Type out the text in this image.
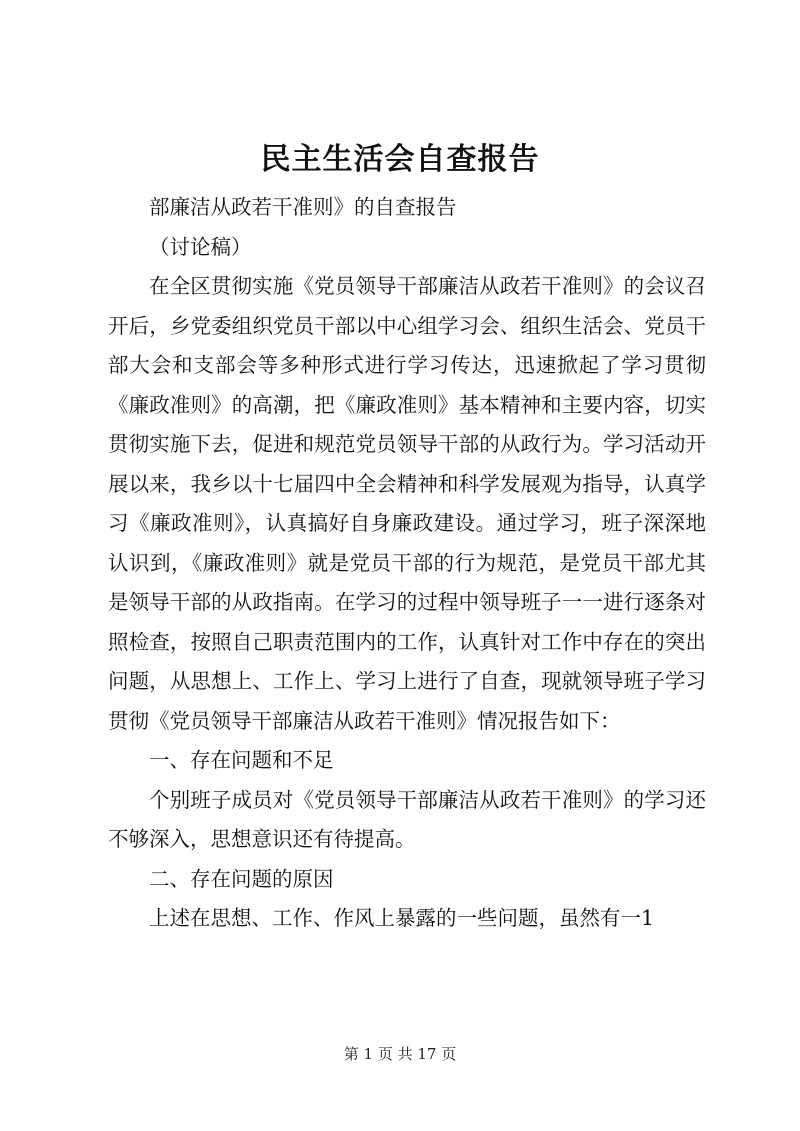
民主生活会自查报告

部廉洁从政若干准则》的自查报告

（讨论稿）

在全区贯彻实施《党员领导干部廉洁从政若干准则》的会议召开后，乡党委组织党员干部以中心组学习会、组织生活会、党员干部大会和支部会等多种形式进行学习传达，迅速掀起了学习贯彻《廉政准则》的高潮，把《廉政准则》基本精神和主要内容，切实贯彻实施下去，促进和规范党员领导干部的从政行为。学习活动开展以来，我乡以十七届四中全会精神和科学发展观为指导，认真学习《廉政准则》，认真搞好自身廉政建设。通过学习，班子深深地认识到，《廉政准则》就是党员干部的行为规范，是党员干部尤其是领导干部的从政指南。在学习的过程中领导班子一一进行逐条对照检查，按照自己职责范围内的工作，认真针对工作中存在的突出问题，从思想上、工作上、学习上进行了自查，现就领导班子学习贯彻《党员领导干部廉洁从政若干准则》情况报告如下：

一、存在问题和不足

个别班子成员对《党员领导干部廉洁从政若干准则》的学习还不够深入，思想意识还有待提高。

二、存在问题的原因

上述在思想、工作、作风上暴露的一些问题，虽然有一1

第 1 页 共 17 页
